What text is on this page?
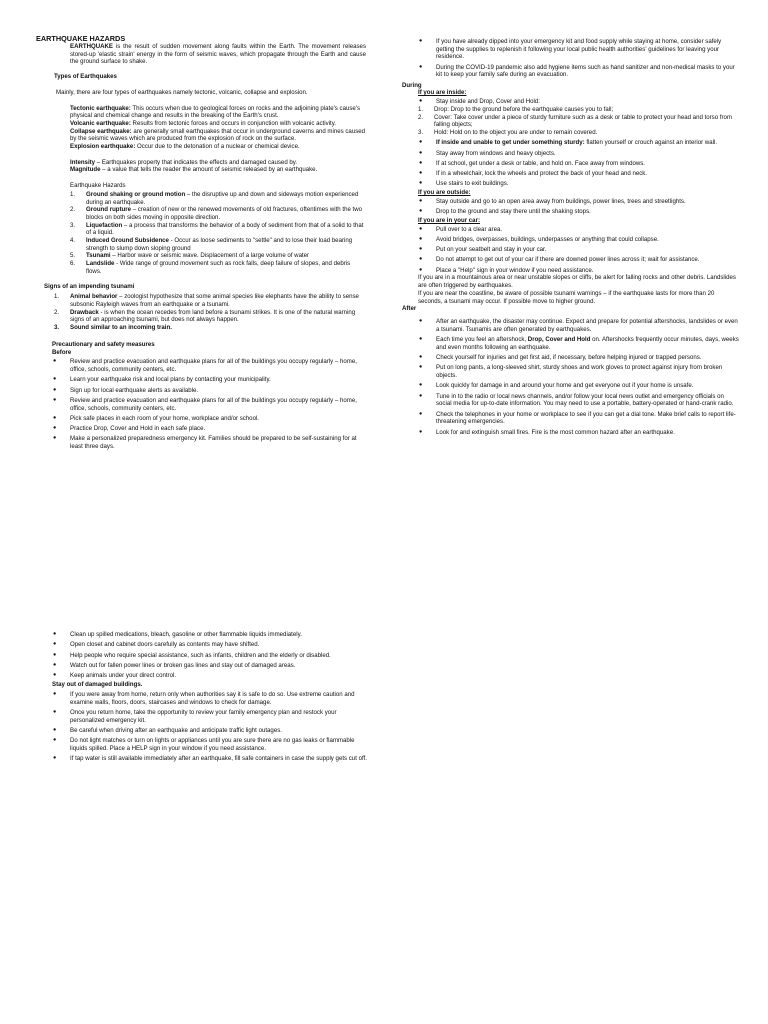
EARTHQUAKE HAZARDS

EARTHQUAKE is the result of sudden movement along faults within the Earth. The movement releases stored-up 'elastic strain' energy in the form of seismic waves, which propagate through the Earth and cause the ground surface to shake.

Types of Earthquakes

Mainly, there are four types of earthquakes namely tectonic, volcanic, collapse and explosion.

Tectonic earthquake: This occurs when due to geological forces on rocks and the adjoining plate's cause's physical and chemical change and results in the breaking of the Earth's crust.

Volcanic earthquake: Results from tectonic forces and occurs in conjunction with volcanic activity.

Collapse earthquake: are generally small earthquakes that occur in underground caverns and mines caused by the seismic waves which are produced from the explosion of rock on the surface.

Explosion earthquake: Occur due to the detonation of a nuclear or chemical device.

Intensity – Earthquakes property that indicates the effects and damaged caused by.

Magnitude – a value that tells the reader the amount of seismic released by an earthquake.

Earthquake Hazards

1. Ground shaking or ground motion – the disruptive up and down and sideways motion experienced during an earthquake.

2. Ground rupture – creation of new or the renewed movements of old fractures, oftentimes with the two blocks on both sides moving in opposite direction.

3. Liquefaction – a process that transforms the behavior of a body of sediment from that of a solid to that of a liquid.

4. Induced Ground Subsidence - Occur as loose sediments to "settle" and to lose their load bearing strength to slump down sloping ground

5. Tsunami – Harbor wave or seismic wave. Displacement of a large volume of water

6. Landslide - Wide range of ground movement such as rock falls, deep failure of slopes, and debris flows.

Signs of an impending tsunami

1. Animal behavior – zoologist hypothesize that some animal species like elephants have the ability to sense subsonic Rayleigh waves from an earthquake or a tsunami.

2. Drawback - is when the ocean recedes from land before a tsunami strikes. It is one of the natural warning signs of an approaching tsunami, but does not always happen.

3. Sound similar to an incoming train.

Precautionary and safety measures

Before

● Review and practice evacuation and earthquake plans for all of the buildings you occupy regularly – home, office, schools, community centers, etc.

● Learn your earthquake risk and local plans by contacting your municipality.

● Sign up for local earthquake alerts as available.

● Review and practice evacuation and earthquake plans for all of the buildings you occupy regularly – home, office, schools, community centers, etc.

● Pick safe places in each room of your home, workplace and/or school.

● Practice Drop, Cover and Hold in each safe place.

● Make a personalized preparedness emergency kit. Families should be prepared to be self-sustaining for at least three days.

● Clean up spilled medications, bleach, gasoline or other flammable liquids immediately.

● Open closet and cabinet doors carefully as contents may have shifted.

● Help people who require special assistance, such as infants, children and the elderly or disabled.

● Watch out for fallen power lines or broken gas lines and stay out of damaged areas.

● Keep animals under your direct control.

Stay out of damaged buildings.

● If you were away from home, return only when authorities say it is safe to do so. Use extreme caution and examine walls, floors, doors, staircases and windows to check for damage.

● Once you return home, take the opportunity to review your family emergency plan and restock your personalized emergency kit.

● Be careful when driving after an earthquake and anticipate traffic light outages.

● Do not light matches or turn on lights or appliances until you are sure there are no gas leaks or flammable liquids spilled. Place a HELP sign in your window if you need assistance.

● If tap water is still available immediately after an earthquake, fill safe containers in case the supply gets cut off.

● If you have already dipped into your emergency kit and food supply while staying at home, consider safely getting the supplies to replenish it following your local public health authorities' guidelines for leaving your residence.

● During the COVID-19 pandemic also add hygiene items such as hand sanitizer and non-medical masks to your kit to keep your family safe during an evacuation.

During

If you are inside:

● Stay inside and Drop, Cover and Hold:

1. Drop: Drop to the ground before the earthquake causes you to fall;

2. Cover: Take cover under a piece of sturdy furniture such as a desk or table to protect your head and torso from falling objects;

3. Hold: Hold on to the object you are under to remain covered.

● If inside and unable to get under something sturdy: flatten yourself or crouch against an interior wall.

● Stay away from windows and heavy objects.

● If at school, get under a desk or table, and hold on. Face away from windows.

● If in a wheelchair, lock the wheels and protect the back of your head and neck.

● Use stairs to exit buildings.

If you are outside:

● Stay outside and go to an open area away from buildings, power lines, trees and streetlights.

● Drop to the ground and stay there until the shaking stops.

If you are in your car:

● Pull over to a clear area.

● Avoid bridges, overpasses, buildings, underpasses or anything that could collapse.

● Put on your seatbelt and stay in your car.

● Do not attempt to get out of your car if there are downed power lines across it; wait for assistance.

● Place a "Help" sign in your window if you need assistance.

If you are in a mountainous area or near unstable slopes or cliffs, be alert for falling rocks and other debris. Landslides are often triggered by earthquakes.

If you are near the coastline, be aware of possible tsunami warnings – if the earthquake lasts for more than 20 seconds, a tsunami may occur. If possible move to higher ground.

After

● After an earthquake, the disaster may continue. Expect and prepare for potential aftershocks, landslides or even a tsunami. Tsunamis are often generated by earthquakes.

● Each time you feel an aftershock, Drop, Cover and Hold on. Aftershocks frequently occur minutes, days, weeks and even months following an earthquake.

● Check yourself for injuries and get first aid, if necessary, before helping injured or trapped persons.

● Put on long pants, a long-sleeved shirt, sturdy shoes and work gloves to protect against injury from broken objects.

● Look quickly for damage in and around your home and get everyone out if your home is unsafe.

● Tune in to the radio or local news channels, and/or follow your local news outlet and emergency officials on social media for up-to-date information. You may need to use a portable, battery-operated or hand-crank radio.

● Check the telephones in your home or workplace to see if you can get a dial tone. Make brief calls to report life-threatening emergencies.

● Look for and extinguish small fires. Fire is the most common hazard after an earthquake.
